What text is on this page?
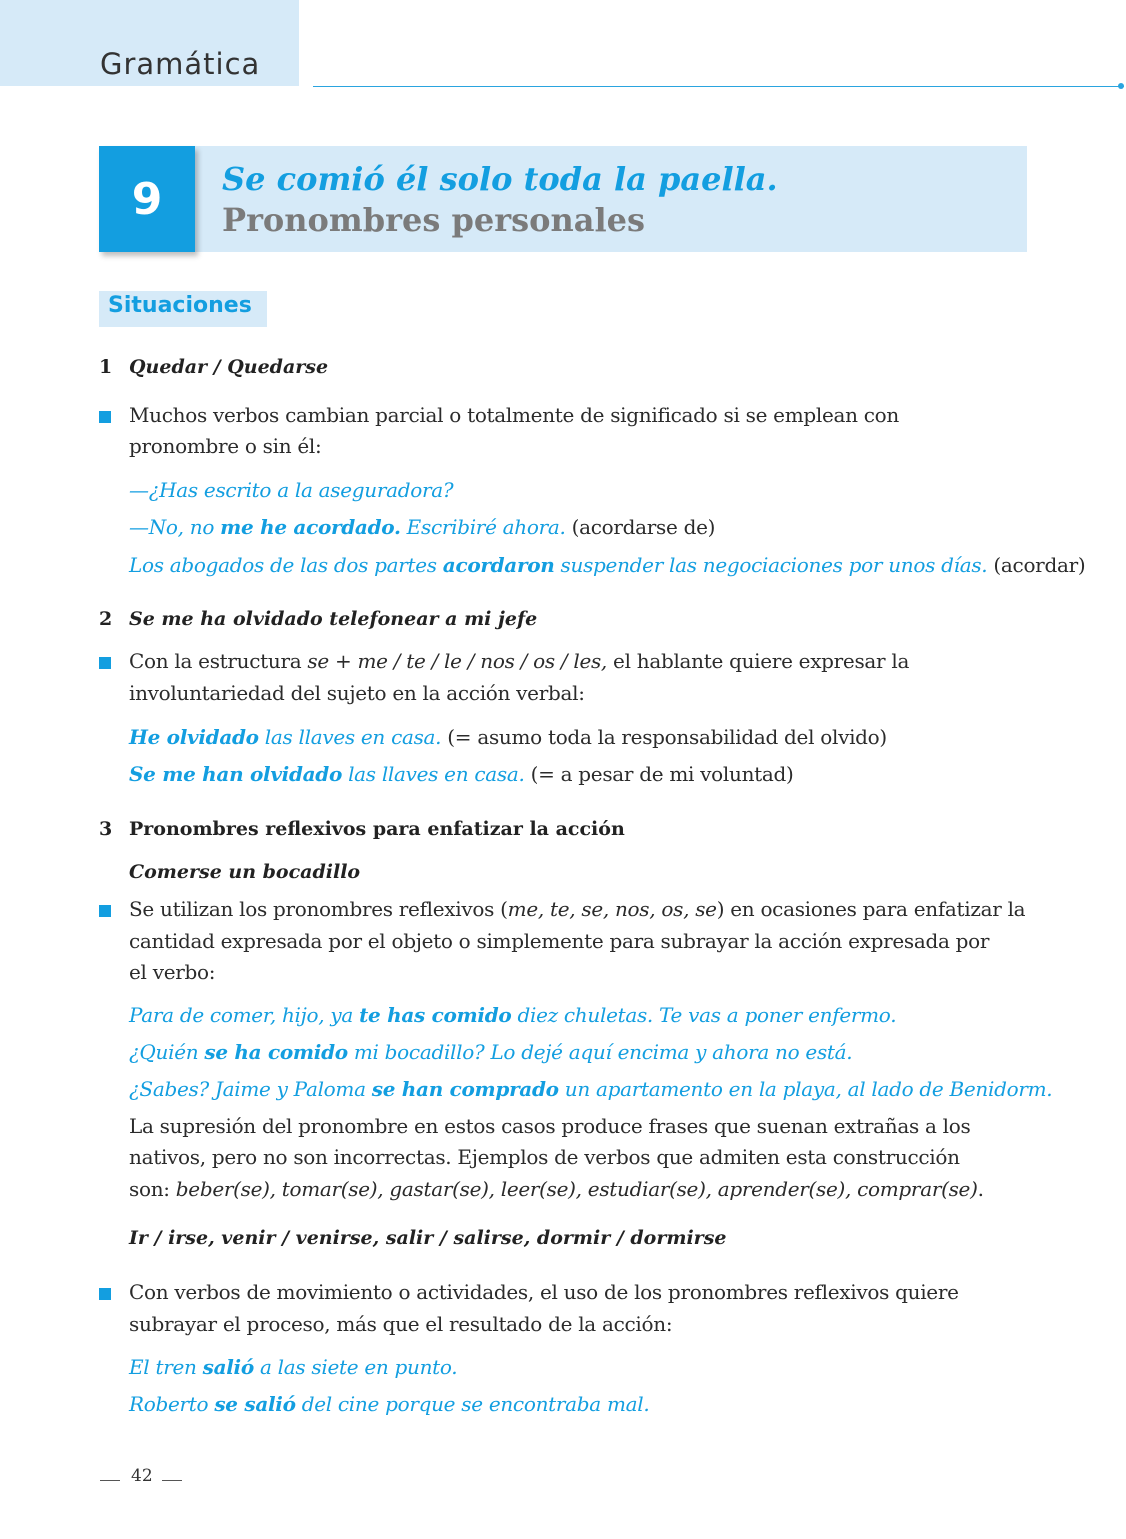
Gramática
9	Se comió él solo toda la paella.
Pronombres personales
Situaciones
1 Quedar / Quedarse
Muchos verbos cambian parcial o totalmente de significado si se emplean con
pronombre o sin él:
—¿Has escrito a la aseguradora?
—No, no me he acordado. Escribiré ahora. (acordarse de)
Los abogados de las dos partes acordaron suspender las negociaciones por unos días. (acordar)
2 Se me ha olvidado telefonear a mi jefe
Con la estructura se + me / te / le / nos / os / les, el hablante quiere expresar la
involuntariedad del sujeto en la acción verbal:
He olvidado las llaves en casa. (= asumo toda la responsabilidad del olvido)
Se me han olvidado las llaves en casa. (= a pesar de mi voluntad)
3 Pronombres reflexivos para enfatizar la acción
Comerse un bocadillo
Se utilizan los pronombres reflexivos (me, te, se, nos, os, se) en ocasiones para enfatizar la
cantidad expresada por el objeto o simplemente para subrayar la acción expresada por
el verbo:
Para de comer, hijo, ya te has comido diez chuletas. Te vas a poner enfermo.
¿Quién se ha comido mi bocadillo? Lo dejé aquí encima y ahora no está.
¿Sabes? Jaime y Paloma se han comprado un apartamento en la playa, al lado de Benidorm.
La supresión del pronombre en estos casos produce frases que suenan extrañas a los
nativos, pero no son incorrectas. Ejemplos de verbos que admiten esta construcción
son: beber(se), tomar(se), gastar(se), leer(se), estudiar(se), aprender(se), comprar(se).
Ir / irse, venir / venirse, salir / salirse, dormir / dormirse
Con verbos de movimiento o actividades, el uso de los pronombres reflexivos quiere
subrayar el proceso, más que el resultado de la acción:
El tren salió a las siete en punto.
Roberto se salió del cine porque se encontraba mal.
42
